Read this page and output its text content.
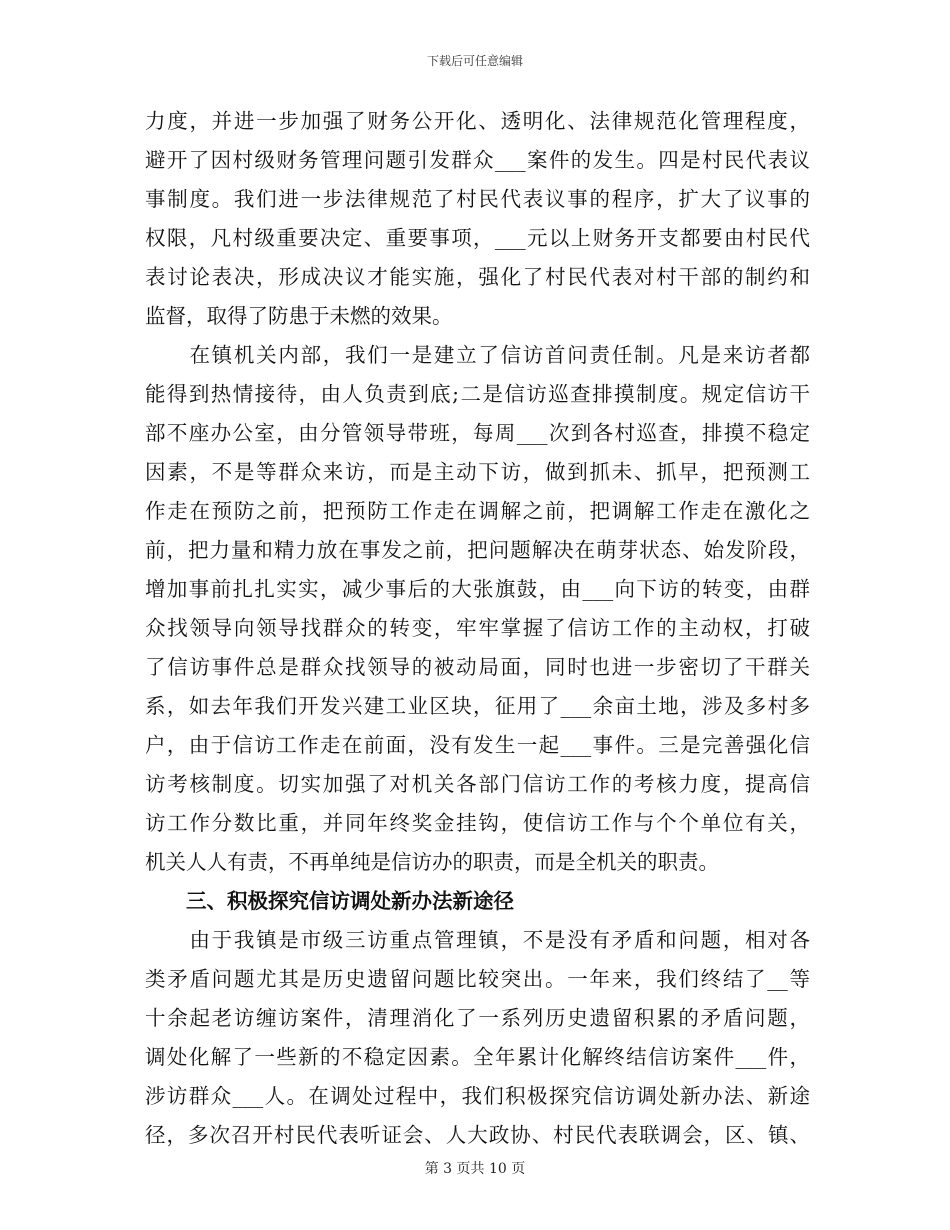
下载后可任意编辑
力度，并进一步加强了财务公开化、透明化、法律规范化管理程度，
避开了因村级财务管理问题引发群众___案件的发生。四是村民代表议
事制度。我们进一步法律规范了村民代表议事的程序，扩大了议事的
权限，凡村级重要决定、重要事项，___元以上财务开支都要由村民代
表讨论表决，形成决议才能实施，强化了村民代表对村干部的制约和
监督，取得了防患于未燃的效果。
　　在镇机关内部，我们一是建立了信访首问责任制。凡是来访者都
能得到热情接待，由人负责到底;二是信访巡查排摸制度。规定信访干
部不座办公室，由分管领导带班，每周___次到各村巡查，排摸不稳定
因素，不是等群众来访，而是主动下访，做到抓未、抓早，把预测工
作走在预防之前，把预防工作走在调解之前，把调解工作走在激化之
前，把力量和精力放在事发之前，把问题解决在萌芽状态、始发阶段，
增加事前扎扎实实，减少事后的大张旗鼓，由___向下访的转变，由群
众找领导向领导找群众的转变，牢牢掌握了信访工作的主动权，打破
了信访事件总是群众找领导的被动局面，同时也进一步密切了干群关
系，如去年我们开发兴建工业区块，征用了___余亩土地，涉及多村多
户，由于信访工作走在前面，没有发生一起___事件。三是完善强化信
访考核制度。切实加强了对机关各部门信访工作的考核力度，提高信
访工作分数比重，并同年终奖金挂钩，使信访工作与个个单位有关，
机关人人有责，不再单纯是信访办的职责，而是全机关的职责。
　　三、积极探究信访调处新办法新途径
　　由于我镇是市级三访重点管理镇，不是没有矛盾和问题，相对各
类矛盾问题尤其是历史遗留问题比较突出。一年来，我们终结了__等
十余起老访缠访案件，清理消化了一系列历史遗留积累的矛盾问题，
调处化解了一些新的不稳定因素。全年累计化解终结信访案件___件，
涉访群众___人。在调处过程中，我们积极探究信访调处新办法、新途
径，多次召开村民代表听证会、人大政协、村民代表联调会，区、镇、
第 3 页共 10 页
